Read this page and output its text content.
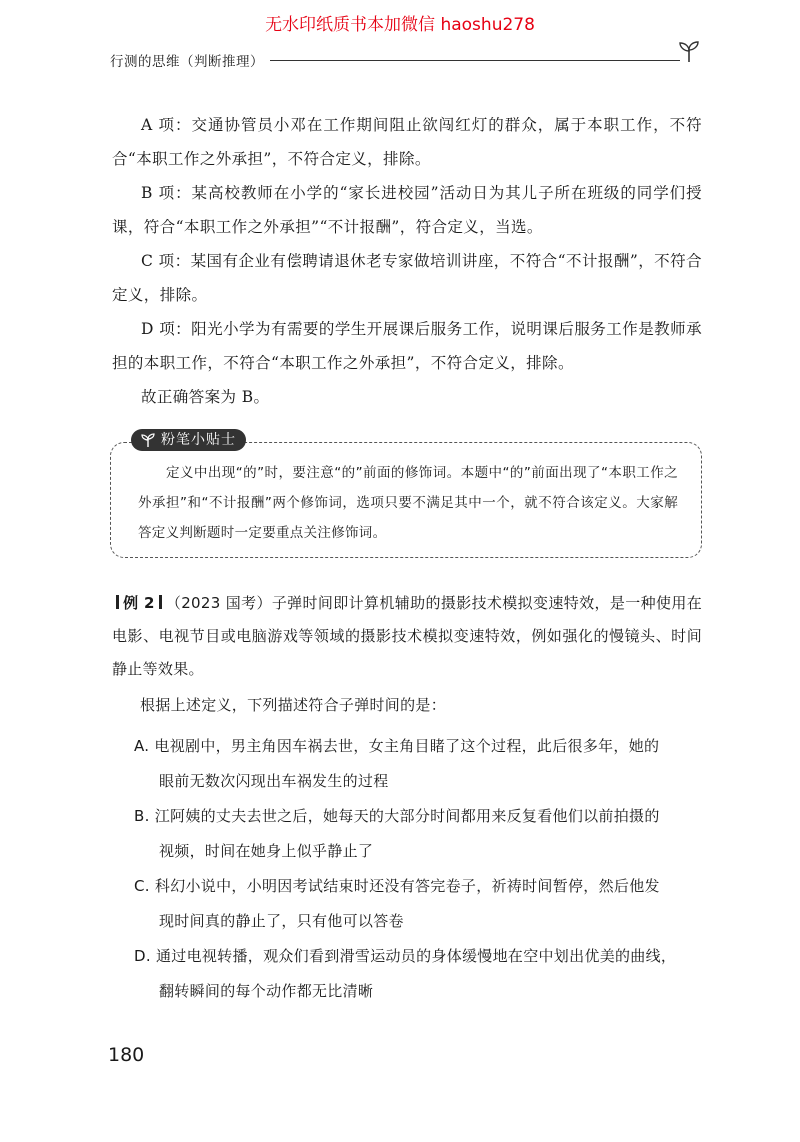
无水印纸质书本加微信 haoshu278
行测的思维（判断推理）
A 项：交通协管员小邓在工作期间阻止欲闯红灯的群众，属于本职工作，不符合“本职工作之外承担”，不符合定义，排除。
B 项：某高校教师在小学的“家长进校园”活动日为其儿子所在班级的同学们授课，符合“本职工作之外承担”“不计报酬”，符合定义，当选。
C 项：某国有企业有偿聘请退休老专家做培训讲座，不符合“不计报酬”，不符合定义，排除。
D 项：阳光小学为有需要的学生开展课后服务工作，说明课后服务工作是教师承担的本职工作，不符合“本职工作之外承担”，不符合定义，排除。
故正确答案为 B。
粉笔小贴士
定义中出现“的”时，要注意“的”前面的修饰词。本题中“的”前面出现了“本职工作之外承担”和“不计报酬”两个修饰词，选项只要不满足其中一个，就不符合该定义。大家解答定义判断题时一定要重点关注修饰词。
例 2 （2023 国考）子弹时间即计算机辅助的摄影技术模拟变速特效，是一种使用在电影、电视节目或电脑游戏等领域的摄影技术模拟变速特效，例如强化的慢镜头、时间静止等效果。
根据上述定义，下列描述符合子弹时间的是：
A. 电视剧中，男主角因车祸去世，女主角目睹了这个过程，此后很多年，她的
眼前无数次闪现出车祸发生的过程
B. 江阿姨的丈夫去世之后，她每天的大部分时间都用来反复看他们以前拍摄的
视频，时间在她身上似乎静止了
C. 科幻小说中，小明因考试结束时还没有答完卷子，祈祷时间暂停，然后他发
现时间真的静止了，只有他可以答卷
D. 通过电视转播，观众们看到滑雪运动员的身体缓慢地在空中划出优美的曲线，
翻转瞬间的每个动作都无比清晰
180
